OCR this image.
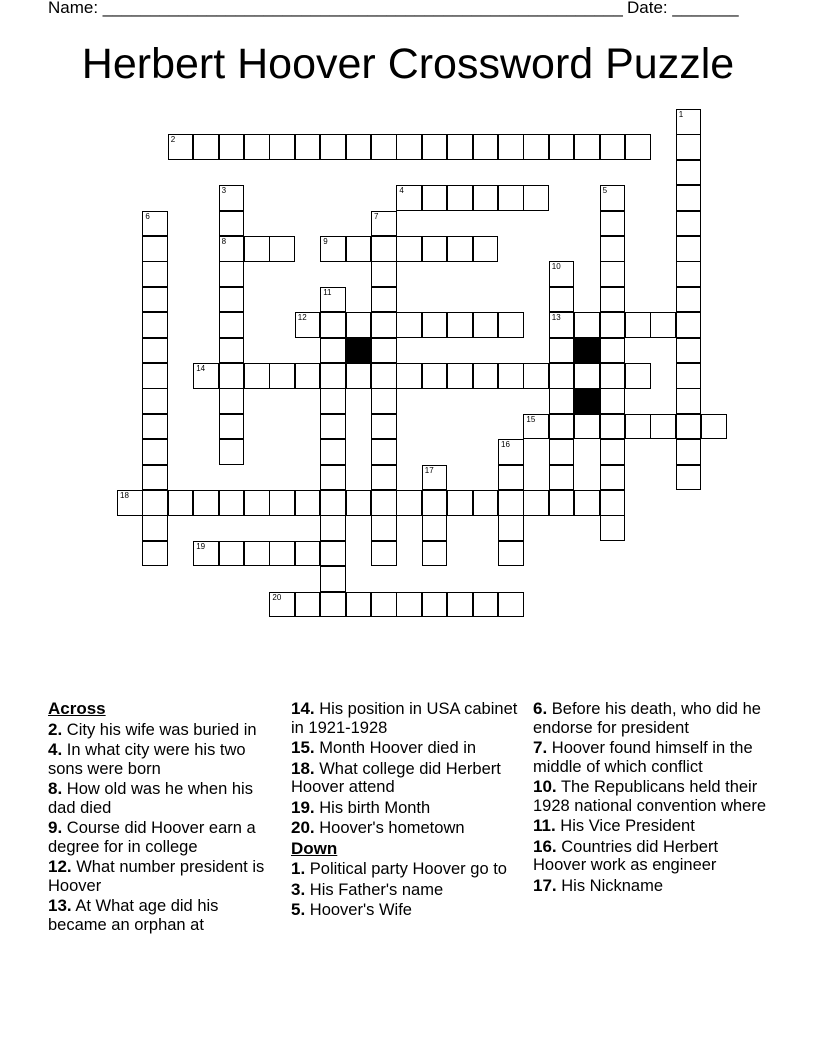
Name: _______________________________________________________

Date: _______

Herbert Hoover Crossword Puzzle
2
4
8	9
12	13
14
15
18
19
20
1
3	5
6	7
10
11
16
17
Across
2. City his wife was buried in
4. In what city were his two sons were born
8. How old was he when his dad died
9. Course did Hoover earn a degree for in college
12. What number president is Hoover
13. At What age did his became an orphan at
14. His position in USA cabinet in 1921-1928
15. Month Hoover died in
18. What college did Herbert Hoover attend
19. His birth Month
20. Hoover's hometown
Down
1. Political party Hoover go to
3. His Father's name
5. Hoover's Wife
6. Before his death, who did he endorse for president
7. Hoover found himself in the middle of which conflict
10. The Republicans held their 1928 national convention where
11. His Vice President
16. Countries did Herbert Hoover work as engineer
17. His Nickname
